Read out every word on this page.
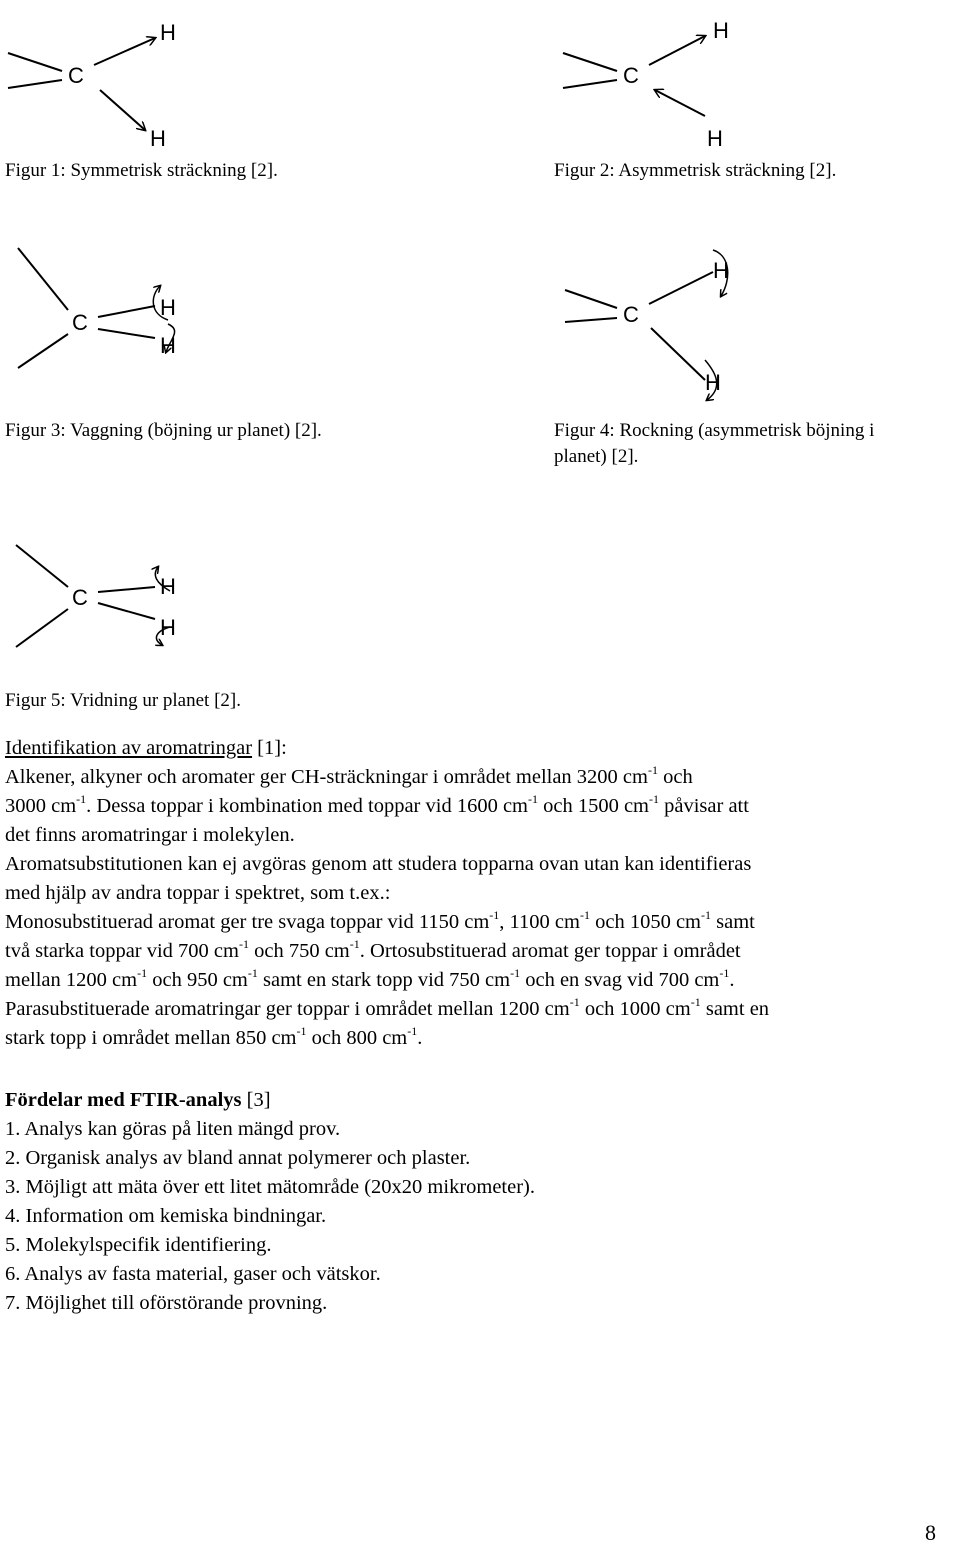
C
H
H
Figur 1: Symmetrisk sträckning [2].
C
H
H
Figur 2: Asymmetrisk sträckning [2].
C
H
H
Figur 3: Vaggning (böjning ur planet) [2].
C
H
H
Figur 4: Rockning (asymmetrisk böjning i
planet) [2].
C	H
H
Figur 5: Vridning ur planet [2].

Identifikation av aromatringar [1]:

Alkener, alkyner och aromater ger CH-sträckningar i området mellan 3200 $cm^{-1}$ och
3000 $cm^{-1}$. Dessa toppar i kombination med toppar vid 1600 $cm^{-1}$ och 1500 $cm^{-1}$ påvisar att
det finns aromatringar i molekylen.

Aromatsubstitutionen kan ej avgöras genom att studera topparna ovan utan kan identifieras
med hjälp av andra toppar i spektret, som t.ex.:

Monosubstituerad aromat ger tre svaga toppar vid 1150 $cm^{-1}$, 1100 $cm^{-1}$ och 1050 $cm^{-1}$ samt
två starka toppar vid 700 $cm^{-1}$ och 750 $cm^{-1}$. Ortosubstituerad aromat ger toppar i området
mellan 1200 $cm^{-1}$ och 950 $cm^{-1}$ samt en stark topp vid 750 $cm^{-1}$ och en svag vid 700 $cm^{-1}$.

Parasubstituerade aromatringar ger toppar i området mellan 1200 $cm^{-1}$ och 1000 $cm^{-1}$ samt en
stark topp i området mellan 850 $cm^{-1}$ och 800 $cm^{-1}$.

Fördelar med FTIR-analys [3]
1. Analys kan göras på liten mängd prov.
2. Organisk analys av bland annat polymerer och plaster.
3. Möjligt att mäta över ett litet mätområde (20x20 mikrometer).
4. Information om kemiska bindningar.
5. Molekylspecifik identifiering.
6. Analys av fasta material, gaser och vätskor.
7. Möjlighet till oförstörande provning.
8
